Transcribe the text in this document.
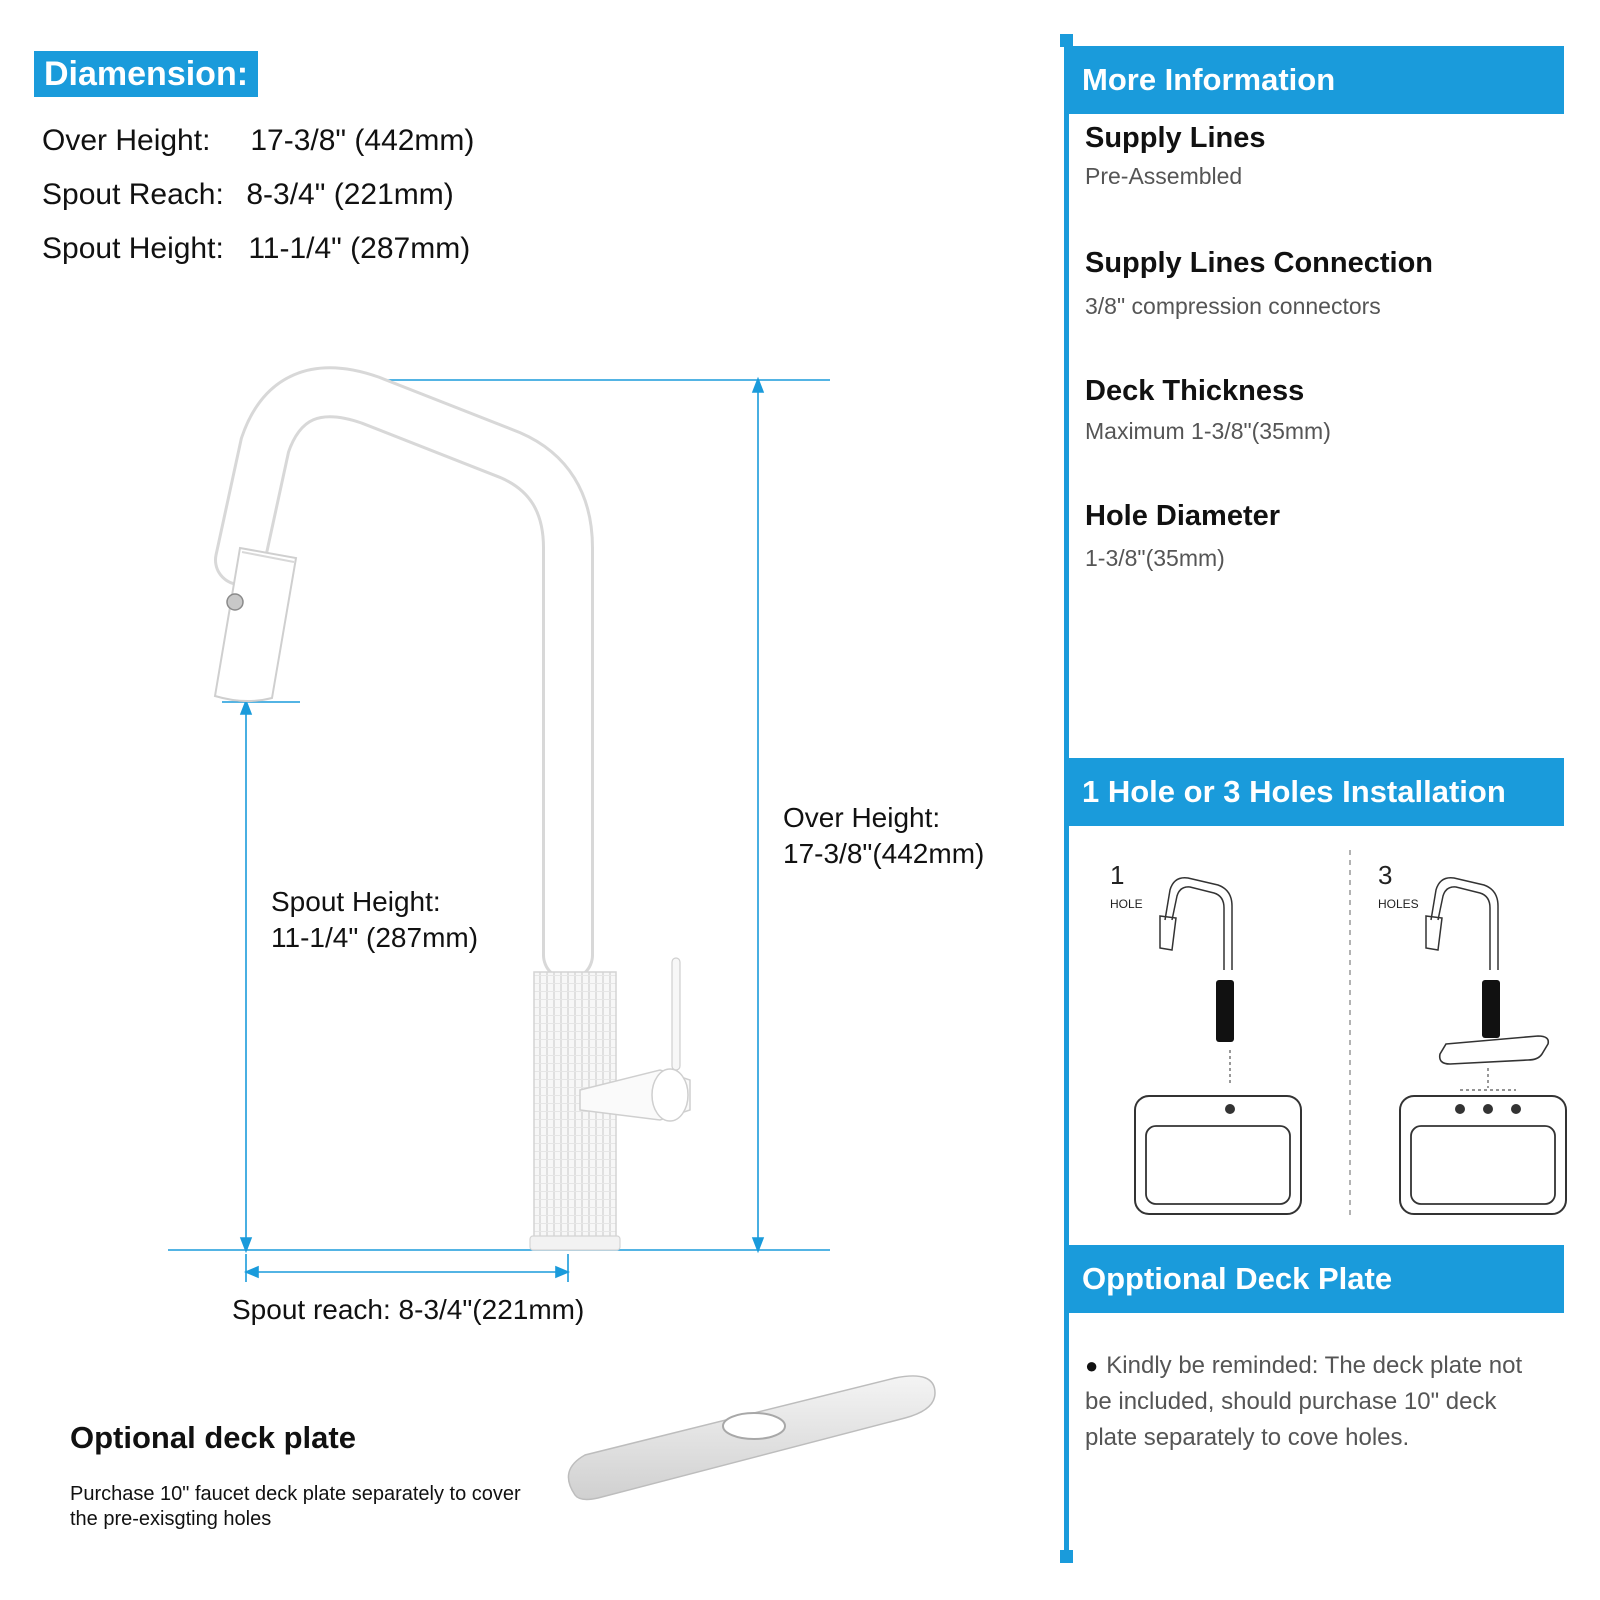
Diamension:
Over Height: 17-3/8" (442mm)
Spout Reach: 8-3/4" (221mm)
Spout Height: 11-1/4" (287mm)
Over Height:
17-3/8"(442mm)
Spout Height:
11-1/4" (287mm)
Spout reach: 8-3/4"(221mm)
Optional deck plate
Purchase 10" faucet deck plate separately to cover the pre-exisgting holes
More Information
Supply Lines
Pre-Assembled
Supply Lines Connection
3/8" compression connectors
Deck Thickness
Maximum 1-3/8"(35mm)
Hole Diameter
1-3/8"(35mm)
1 Hole or 3 Holes Installation
1
HOLE
3
HOLES
Opptional Deck Plate
● Kindly be reminded: The deck plate not be included, should purchase 10" deck plate separately to cove holes.
